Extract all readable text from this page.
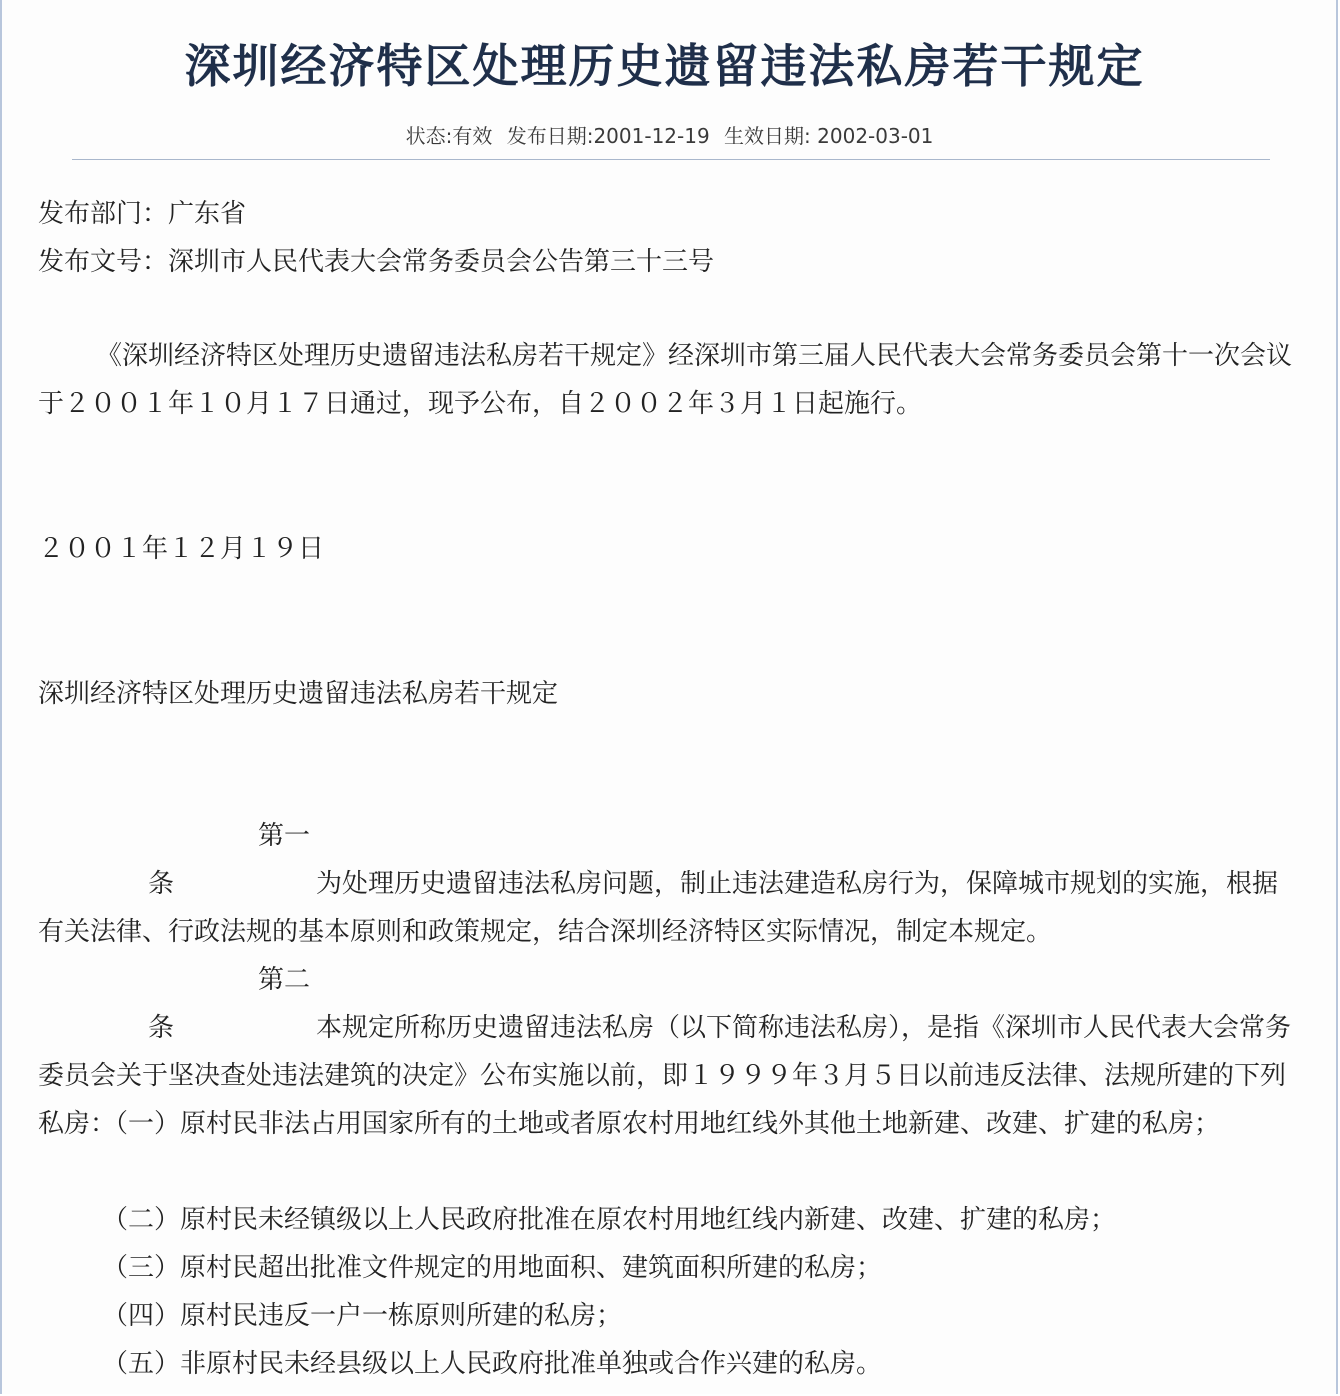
深圳经济特区处理历史遗留违法私房若干规定
状态:有效 发布日期:2001-12-19 生效日期: 2002-03-01
发布部门：广东省
发布文号：深圳市人民代表大会常务委员会公告第三十三号
《深圳经济特区处理历史遗留违法私房若干规定》经深圳市第三届人民代表大会常务委员会第十一次会议于２００１年１０月１７日通过，现予公布，自２００２年３月１日起施行。
２００１年１２月１９日
深圳经济特区处理历史遗留违法私房若干规定
第一条	为处理历史遗留违法私房问题，制止违法建造私房行为，保障城市规划的实施，根据有关法律、行政法规的基本原则和政策规定，结合深圳经济特区实际情况，制定本规定。
第二条	本规定所称历史遗留违法私房（以下简称违法私房），是指《深圳市人民代表大会常务委员会关于坚决查处违法建筑的决定》公布实施以前，即１９９９年３月５日以前违反法律、法规所建的下列私房：
（一）原村民非法占用国家所有的土地或者原农村用地红线外其他土地新建、改建、扩建的私房；
（二）原村民未经镇级以上人民政府批准在原农村用地红线内新建、改建、扩建的私房；
（三）原村民超出批准文件规定的用地面积、建筑面积所建的私房；
（四）原村民违反一户一栋原则所建的私房；
（五）非原村民未经县级以上人民政府批准单独或合作兴建的私房。
